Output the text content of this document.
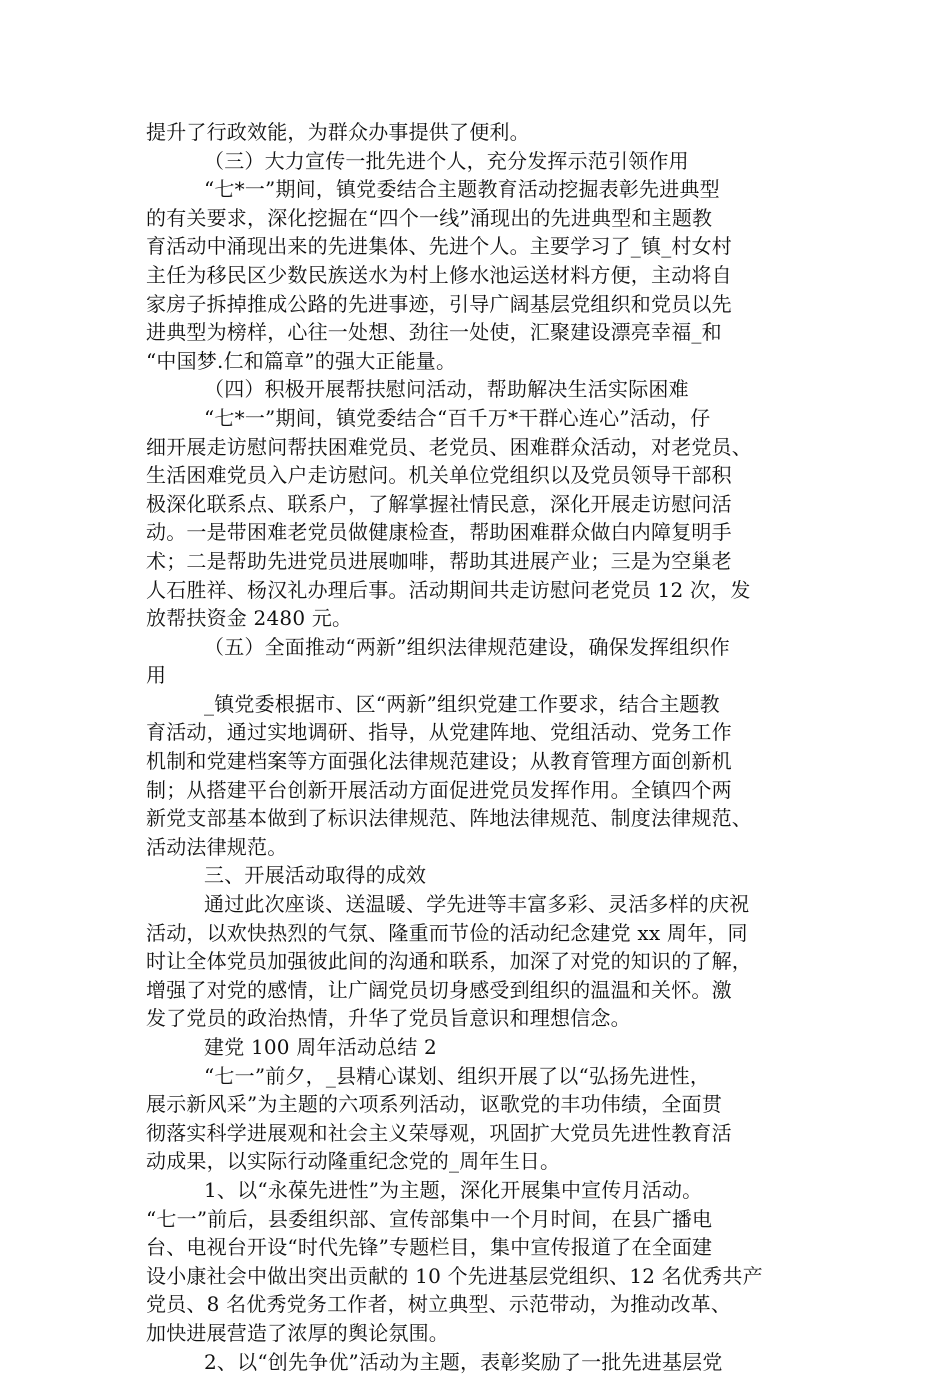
提升了行政效能，为群众办事提供了便利。
（三）大力宣传一批先进个人，充分发挥示范引领作用
“七*一”期间，镇党委结合主题教育活动挖掘表彰先进典型
的有关要求，深化挖掘在“四个一线”涌现出的先进典型和主题教
育活动中涌现出来的先进集体、先进个人。主要学习了_镇_村女村
主任为移民区少数民族送水为村上修水池运送材料方便，主动将自
家房子拆掉推成公路的先进事迹，引导广阔基层党组织和党员以先
进典型为榜样，心往一处想、劲往一处使，汇聚建设漂亮幸福_和
“中国梦.仁和篇章”的强大正能量。
（四）积极开展帮扶慰问活动，帮助解决生活实际困难
“七*一”期间，镇党委结合“百千万*干群心连心”活动，仔
细开展走访慰问帮扶困难党员、老党员、困难群众活动，对老党员、
生活困难党员入户走访慰问。机关单位党组织以及党员领导干部积
极深化联系点、联系户，了解掌握社情民意，深化开展走访慰问活
动。一是带困难老党员做健康检查，帮助困难群众做白内障复明手
术；二是帮助先进党员进展咖啡，帮助其进展产业；三是为空巢老
人石胜祥、杨汉礼办理后事。活动期间共走访慰问老党员 12 次，发
放帮扶资金 2480 元。
（五）全面推动“两新”组织法律规范建设，确保发挥组织作
用
_镇党委根据市、区“两新”组织党建工作要求，结合主题教
育活动，通过实地调研、指导，从党建阵地、党组活动、党务工作
机制和党建档案等方面强化法律规范建设；从教育管理方面创新机
制；从搭建平台创新开展活动方面促进党员发挥作用。全镇四个两
新党支部基本做到了标识法律规范、阵地法律规范、制度法律规范、
活动法律规范。
三、开展活动取得的成效
通过此次座谈、送温暖、学先进等丰富多彩、灵活多样的庆祝
活动，以欢快热烈的气氛、隆重而节俭的活动纪念建党 xx 周年，同
时让全体党员加强彼此间的沟通和联系，加深了对党的知识的了解，
增强了对党的感情，让广阔党员切身感受到组织的温温和关怀。激
发了党员的政治热情，升华了党员旨意识和理想信念。
建党 100 周年活动总结 2
“七一”前夕，_县精心谋划、组织开展了以“弘扬先进性，
展示新风采”为主题的六项系列活动，讴歌党的丰功伟绩，全面贯
彻落实科学进展观和社会主义荣辱观，巩固扩大党员先进性教育活
动成果，以实际行动隆重纪念党的_周年生日。
1、以“永葆先进性”为主题，深化开展集中宣传月活动。
“七一”前后，县委组织部、宣传部集中一个月时间，在县广播电
台、电视台开设“时代先锋”专题栏目，集中宣传报道了在全面建
设小康社会中做出突出贡献的 10 个先进基层党组织、12 名优秀共产
党员、8 名优秀党务工作者，树立典型、示范带动，为推动改革、
加快进展营造了浓厚的舆论氛围。
2、以“创先争优”活动为主题，表彰奖励了一批先进基层党
